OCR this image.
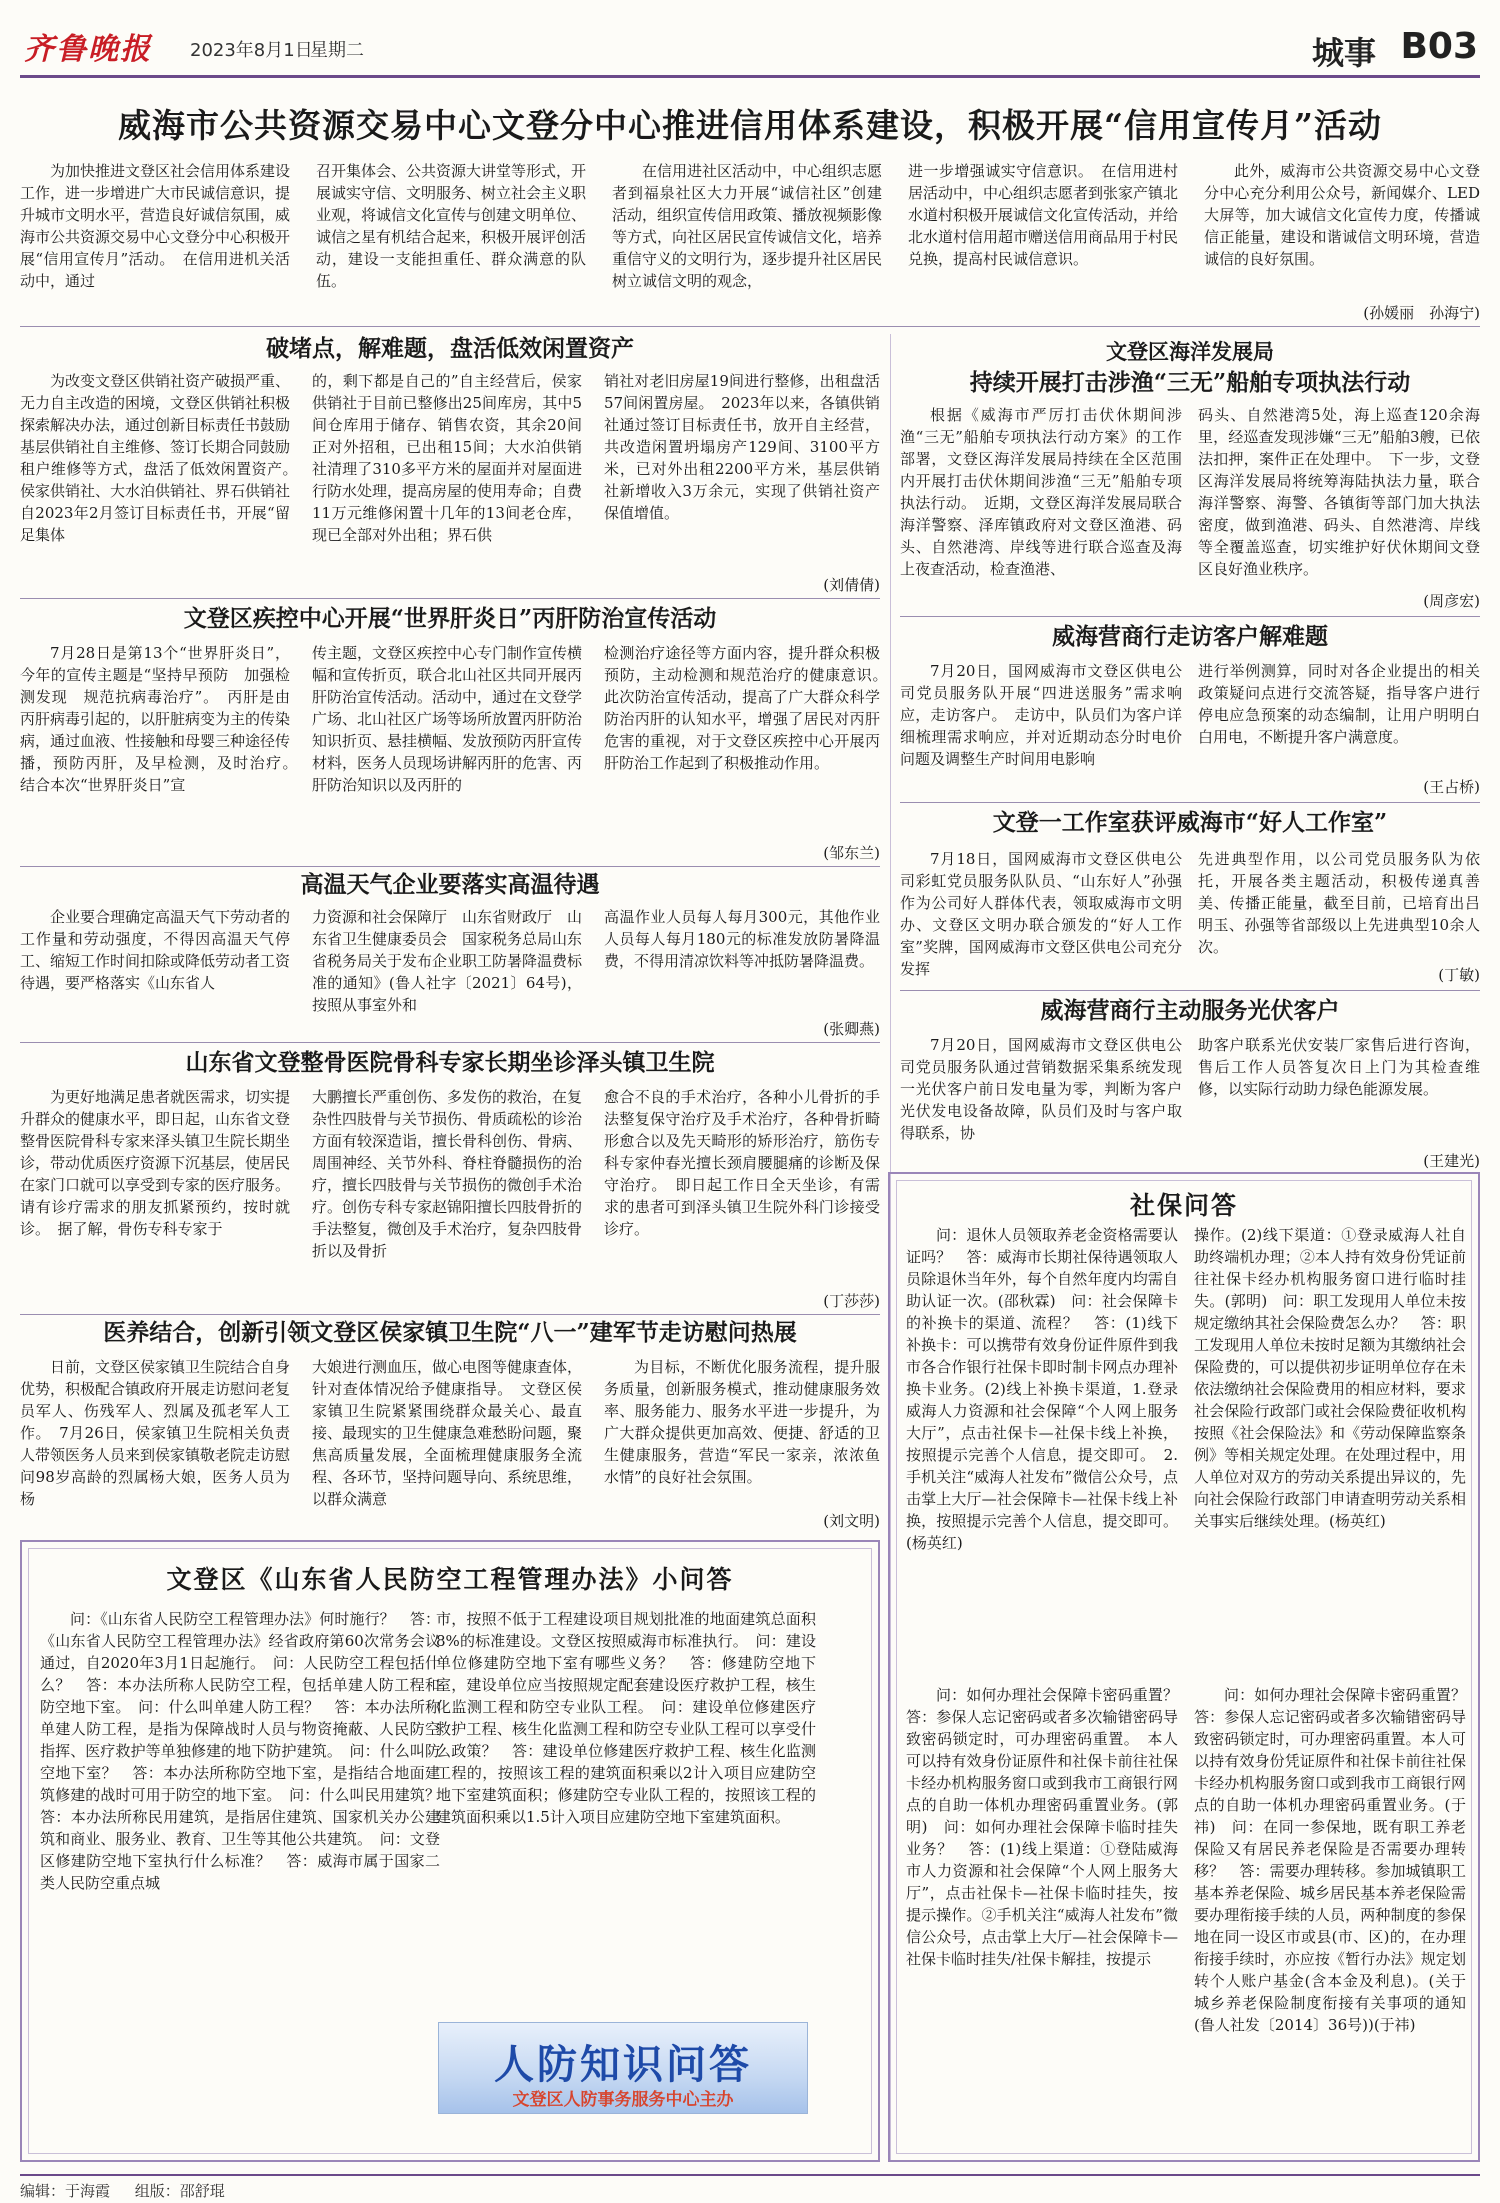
齐鲁晚报 2023年8月1日
星期二	城事 B03
威海市公共资源交易中心文登分中心推进信用体系建设，积极开展“信用宣传月”活动

为加快推进文登区社会信用体系建设工作，进一步增进广大市民诚信意识，提升城市文明水平，营造良好诚信氛围，威海市公共资源交易中心文登分中心积极开展“信用宣传月”活动。　在信用进机关活动中，通过

召开集体会、公共资源大讲堂等形式，开展诚实守信、文明服务、树立社会主义职业观，将诚信文化宣传与创建文明单位、诚信之星有机结合起来，积极开展评创活动，建设一支能担重任、群众满意的队伍。

在信用进社区活动中，中心组织志愿者到福泉社区大力开展“诚信社区”创建活动，组织宣传信用政策、播放视频影像等方式，向社区居民宣传诚信文化，培养重信守义的文明行为，逐步提升社区居民树立诚信文明的观念，

进一步增强诚实守信意识。　在信用进村居活动中，中心组织志愿者到张家产镇北水道村积极开展诚信文化宣传活动，并给北水道村信用超市赠送信用商品用于村民兑换，提高村民诚信意识。

此外，威海市公共资源交易中心文登分中心充分利用公众号，新闻媒介、LED大屏等，加大诚信文化宣传力度，传播诚信正能量，建设和谐诚信文明环境，营造诚信的良好氛围。

(孙媛丽　孙海宁)
破堵点，解难题，盘活低效闲置资产

为改变文登区供销社资产破损严重、无力自主改造的困境，文登区供销社积极探索解决办法，通过创新目标责任书鼓励基层供销社自主维修、签订长期合同鼓励租户维修等方式，盘活了低效闲置资产。　侯家供销社、大水泊供销社、界石供销社自2023年2月签订目标责任书，开展“留足集体

的，剩下都是自己的”自主经营后，侯家供销社于目前已整修出25间库房，其中5间仓库用于储存、销售农资，其余20间正对外招租，已出租15间；大水泊供销社清理了310多平方米的屋面并对屋面进行防水处理，提高房屋的使用寿命；自费11万元维修闲置十几年的13间老仓库，现已全部对外出租；界石供

销社对老旧房屋19间进行整修，出租盘活57间闲置房屋。　2023年以来，各镇供销社通过签订目标责任书，放开自主经营，共改造闲置坍塌房产129间、3100平方米，已对外出租2200平方米，基层供销社新增收入3万余元，实现了供销社资产保值增值。

(刘倩倩)
文登区疾控中心开展“世界肝炎日”丙肝防治宣传活动

7月28日是第13个“世界肝炎日”，今年的宣传主题是“坚持早预防　加强检测发现　规范抗病毒治疗”。　丙肝是由丙肝病毒引起的，以肝脏病变为主的传染病，通过血液、性接触和母婴三种途径传播，预防丙肝，及早检测，及时治疗。　结合本次“世界肝炎日”宣

传主题，文登区疾控中心专门制作宣传横幅和宣传折页，联合北山社区共同开展丙肝防治宣传活动。活动中，通过在文登学广场、北山社区广场等场所放置丙肝防治知识折页、悬挂横幅、发放预防丙肝宣传材料，医务人员现场讲解丙肝的危害、丙肝防治知识以及丙肝的

检测治疗途径等方面内容，提升群众积极预防，主动检测和规范治疗的健康意识。　此次防治宣传活动，提高了广大群众科学防治丙肝的认知水平，增强了居民对丙肝危害的重视，对于文登区疾控中心开展丙肝防治工作起到了积极推动作用。

(邹东兰)
高温天气企业要落实高温待遇

企业要合理确定高温天气下劳动者的工作量和劳动强度，不得因高温天气停工、缩短工作时间扣除或降低劳动者工资待遇，要严格落实《山东省人

力资源和社会保障厅　山东省财政厅　山东省卫生健康委员会　国家税务总局山东省税务局关于发布企业职工防暑降温费标准的通知》(鲁人社字〔2021〕64号)，按照从事室外和

高温作业人员每人每月300元，其他作业人员每人每月180元的标准发放防暑降温费，不得用清凉饮料等冲抵防暑降温费。

(张卿燕)
山东省文登整骨医院骨科专家长期坐诊泽头镇卫生院

为更好地满足患者就医需求，切实提升群众的健康水平，即日起，山东省文登整骨医院骨科专家来泽头镇卫生院长期坐诊，带动优质医疗资源下沉基层，使居民在家门口就可以享受到专家的医疗服务。请有诊疗需求的朋友抓紧预约，按时就诊。　据了解，骨伤专科专家于

大鹏擅长严重创伤、多发伤的救治，在复杂性四肢骨与关节损伤、骨质疏松的诊治方面有较深造诣，擅长骨科创伤、骨病、周围神经、关节外科、脊柱脊髓损伤的治疗，擅长四肢骨与关节损伤的微创手术治疗。创伤专科专家赵锦阳擅长四肢骨折的手法整复，微创及手术治疗，复杂四肢骨折以及骨折

愈合不良的手术治疗，各种小儿骨折的手法整复保守治疗及手术治疗，各种骨折畸形愈合以及先天畸形的矫形治疗，筋伤专科专家仲春光擅长颈肩腰腿痛的诊断及保守治疗。　即日起工作日全天坐诊，有需求的患者可到泽头镇卫生院外科门诊接受诊疗。

(丁莎莎)
医养结合，创新引领文登区侯家镇卫生院“八一”建军节走访慰问热展

日前，文登区侯家镇卫生院结合自身优势，积极配合镇政府开展走访慰问老复员军人、伤残军人、烈属及孤老军人工作。　7月26日，侯家镇卫生院相关负责人带领医务人员来到侯家镇敬老院走访慰问98岁高龄的烈属杨大娘，医务人员为杨

大娘进行测血压，做心电图等健康查体，针对查体情况给予健康指导。　文登区侯家镇卫生院紧紧围绕群众最关心、最直接、最现实的卫生健康急难愁盼问题，聚焦高质量发展，全面梳理健康服务全流程、各环节，坚持问题导向、系统思维，以群众满意

为目标，不断优化服务流程，提升服务质量，创新服务模式，推动健康服务效率、服务能力、服务水平进一步提升，为广大群众提供更加高效、便捷、舒适的卫生健康服务，营造“军民一家亲，浓浓鱼水情”的良好社会氛围。

(刘文明)
文登区《山东省人民防空工程管理办法》小问答

问：《山东省人民防空工程管理办法》何时施行？　答：《山东省人民防空工程管理办法》经省政府第60次常务会议通过，自2020年3月1日起施行。　问：人民防空工程包括什么？　答：本办法所称人民防空工程，包括单建人防工程和防空地下室。　问：什么叫单建人防工程？　答：本办法所称单建人防工程，是指为保障战时人员与物资掩蔽、人民防空指挥、医疗救护等单独修建的地下防护建筑。　问：什么叫防空地下室？　答：本办法所称防空地下室，是指结合地面建筑修建的战时可用于防空的地下室。　问：什么叫民用建筑？　答：本办法所称民用建筑，是指居住建筑、国家机关办公建筑和商业、服务业、教育、卫生等其他公共建筑。　问：文登区修建防空地下室执行什么标准？　答：威海市属于国家二类人民防空重点城

市，按照不低于工程建设项目规划批准的地面建筑总面积8%的标准建设。文登区按照威海市标准执行。　问：建设单位修建防空地下室有哪些义务？　答：修建防空地下室，建设单位应当按照规定配套建设医疗救护工程，核生化监测工程和防空专业队工程。　问：建设单位修建医疗救护工程、核生化监测工程和防空专业队工程可以享受什么政策？　答：建设单位修建医疗救护工程、核生化监测工程的，按照该工程的建筑面积乘以2计入项目应建防空地下室建筑面积；修建防空专业队工程的，按照该工程的建筑面积乘以1.5计入项目应建防空地下室建筑面积。

人防知识问答
文登区人防事务服务中心主办
文登区海洋发展局
持续开展打击涉渔“三无”船舶专项执法行动

根据《威海市严厉打击伏休期间涉渔“三无”船舶专项执法行动方案》的工作部署，文登区海洋发展局持续在全区范围内开展打击伏休期间涉渔“三无”船舶专项执法行动。　近期，文登区海洋发展局联合海洋警察、泽库镇政府对文登区渔港、码头、自然港湾、岸线等进行联合巡查及海上夜查活动，检查渔港、

码头、自然港湾5处，海上巡查120余海里，经巡查发现涉嫌“三无”船舶3艘，已依法扣押，案件正在处理中。　下一步，文登区海洋发展局将统筹海陆执法力量，联合海洋警察、海警、各镇街等部门加大执法密度，做到渔港、码头、自然港湾、岸线等全覆盖巡查，切实维护好伏休期间文登区良好渔业秩序。

(周彦宏)
威海营商行走访客户解难题

7月20日，国网威海市文登区供电公司党员服务队开展“四进送服务”需求响应，走访客户。　走访中，队员们为客户详细梳理需求响应，并对近期动态分时电价问题及调整生产时间用电影响

进行举例测算，同时对各企业提出的相关政策疑问点进行交流答疑，指导客户进行停电应急预案的动态编制，让用户明明白白用电，不断提升客户满意度。

(王占桥)
文登一工作室获评威海市“好人工作室”

7月18日，国网威海市文登区供电公司彩虹党员服务队队员、“山东好人”孙强作为公司好人群体代表，领取威海市文明办、文登区文明办联合颁发的“好人工作室”奖牌，国网威海市文登区供电公司充分发挥

先进典型作用，以公司党员服务队为依托，开展各类主题活动，积极传递真善美、传播正能量，截至目前，已培育出吕明玉、孙强等省部级以上先进典型10余人次。

(丁敏)
威海营商行主动服务光伏客户

7月20日，国网威海市文登区供电公司党员服务队通过营销数据采集系统发现一光伏客户前日发电量为零，判断为客户光伏发电设备故障，队员们及时与客户取得联系，协

助客户联系光伏安装厂家售后进行咨询，售后工作人员答复次日上门为其检查维修，以实际行动助力绿色能源发展。

(王建光)
社保问答

问：退休人员领取养老金资格需要认证吗？　答：威海市长期社保待遇领取人员除退休当年外，每个自然年度内均需自助认证一次。(邵秋霖)　问：社会保障卡的补换卡的渠道、流程？　答：(1)线下补换卡：可以携带有效身份证件原件到我市各合作银行社保卡即时制卡网点办理补换卡业务。(2)线上补换卡渠道，1.登录威海人力资源和社会保障“个人网上服务大厅”，点击社保卡—社保卡线上补换，按照提示完善个人信息，提交即可。　2.手机关注“威海人社发布”微信公众号，点击掌上大厅—社会保障卡—社保卡线上补换，按照提示完善个人信息，提交即可。(杨英红)

问：如何办理社会保障卡密码重置？　答：参保人忘记密码或者多次输错密码导致密码锁定时，可办理密码重置。　本人可以持有效身份证原件和社保卡前往社保卡经办机构服务窗口或到我市工商银行网点的自助一体机办理密码重置业务。(郭明)　问：如何办理社会保障卡临时挂失业务？　答：(1)线上渠道：①登陆威海市人力资源和社会保障“个人网上服务大厅”，点击社保卡—社保卡临时挂失，按提示操作。②手机关注“威海人社发布”微信公众号，点击掌上大厅—社会保障卡—社保卡临时挂失/社保卡解挂，按提示

操作。(2)线下渠道：①登录威海人社自助终端机办理；②本人持有效身份凭证前往社保卡经办机构服务窗口进行临时挂失。(郭明)　问：职工发现用人单位未按规定缴纳其社会保险费怎么办？　答：职工发现用人单位未按时足额为其缴纳社会保险费的，可以提供初步证明单位存在未依法缴纳社会保险费用的相应材料，要求社会保险行政部门或社会保险费征收机构按照《社会保险法》和《劳动保障监察条例》等相关规定处理。在处理过程中，用人单位对双方的劳动关系提出异议的，先向社会保险行政部门申请查明劳动关系相关事实后继续处理。(杨英红)

问：如何办理社会保障卡密码重置？　答：参保人忘记密码或者多次输错密码导致密码锁定时，可办理密码重置。本人可以持有效身份凭证原件和社保卡前往社保卡经办机构服务窗口或到我市工商银行网点的自助一体机办理密码重置业务。(于祎)　问：在同一参保地，既有职工养老保险又有居民养老保险是否需要办理转移？　答：需要办理转移。参加城镇职工基本养老保险、城乡居民基本养老保险需要办理衔接手续的人员，两种制度的参保地在同一设区市或县(市、区)的，在办理衔接手续时，亦应按《暂行办法》规定划转个人账户基金(含本金及利息)。(关于城乡养老保险制度衔接有关事项的通知(鲁人社发〔2014〕36号))(于祎)

编辑：于海霞 组版：邵舒琨
